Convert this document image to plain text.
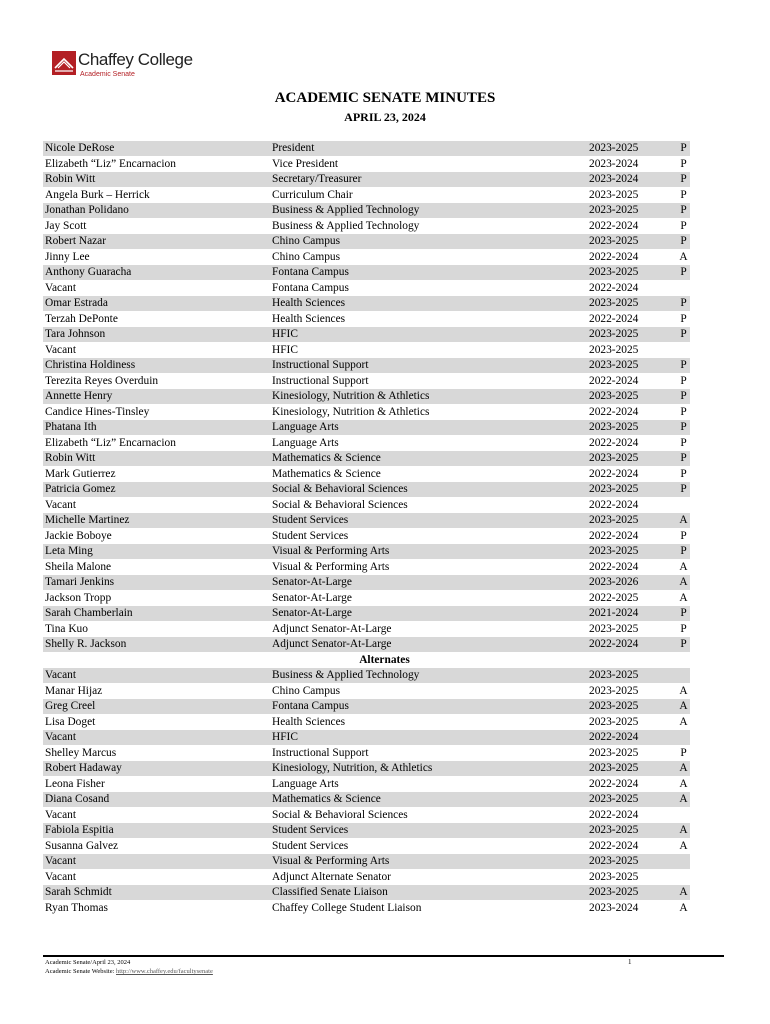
Chaffey College
Academic Senate
ACADEMIC SENATE MINUTES
APRIL 23, 2024
Nicole DeRose	President	2023-2025	P
Elizabeth “Liz” Encarnacion	Vice President	2023-2024	P
Robin Witt	Secretary/Treasurer	2023-2024	P
Angela Burk – Herrick	Curriculum Chair	2023-2025	P
Jonathan Polidano	Business & Applied Technology	2023-2025	P
Jay Scott	Business & Applied Technology	2022-2024	P
Robert Nazar	Chino Campus	2023-2025	P
Jinny Lee	Chino Campus	2022-2024	A
Anthony Guaracha	Fontana Campus	2023-2025	P
Vacant	Fontana Campus	2022-2024
Omar Estrada	Health Sciences	2023-2025	P
Terzah DePonte	Health Sciences	2022-2024	P
Tara Johnson	HFIC	2023-2025	P
Vacant	HFIC	2023-2025
Christina Holdiness	Instructional Support	2023-2025	P
Terezita Reyes Overduin	Instructional Support	2022-2024	P
Annette Henry	Kinesiology, Nutrition & Athletics	2023-2025	P
Candice Hines-Tinsley	Kinesiology, Nutrition & Athletics	2022-2024	P
Phatana Ith	Language Arts	2023-2025	P
Elizabeth “Liz” Encarnacion	Language Arts	2022-2024	P
Robin Witt	Mathematics & Science	2023-2025	P
Mark Gutierrez	Mathematics & Science	2022-2024	P
Patricia Gomez	Social & Behavioral Sciences	2023-2025	P
Vacant	Social & Behavioral Sciences	2022-2024
Michelle Martinez	Student Services	2023-2025	A
Jackie Boboye	Student Services	2022-2024	P
Leta Ming	Visual & Performing Arts	2023-2025	P
Sheila Malone	Visual & Performing Arts	2022-2024	A
Tamari Jenkins	Senator-At-Large	2023-2026	A
Jackson Tropp	Senator-At-Large	2022-2025	A
Sarah Chamberlain	Senator-At-Large	2021-2024	P
Tina Kuo	Adjunct Senator-At-Large	2023-2025	P
Shelly R. Jackson	Adjunct Senator-At-Large	2022-2024	P
Alternates
Vacant	Business & Applied Technology	2023-2025
Manar Hijaz	Chino Campus	2023-2025	A
Greg Creel	Fontana Campus	2023-2025	A
Lisa Doget	Health Sciences	2023-2025	A
Vacant	HFIC	2022-2024
Shelley Marcus	Instructional Support	2023-2025	P
Robert Hadaway	Kinesiology, Nutrition, & Athletics	2023-2025	A
Leona Fisher	Language Arts	2022-2024	A
Diana Cosand	Mathematics & Science	2023-2025	A
Vacant	Social & Behavioral Sciences	2022-2024
Fabiola Espitia	Student Services	2023-2025	A
Susanna Galvez	Student Services	2022-2024	A
Vacant	Visual & Performing Arts	2023-2025
Vacant	Adjunct Alternate Senator	2023-2025
Sarah Schmidt	Classified Senate Liaison	2023-2025	A
Ryan Thomas	Chaffey College Student Liaison	2023-2024	A
Academic Senate/April 23, 2024
Academic Senate Website: http://www.chaffey.edu/facultysenate
1
